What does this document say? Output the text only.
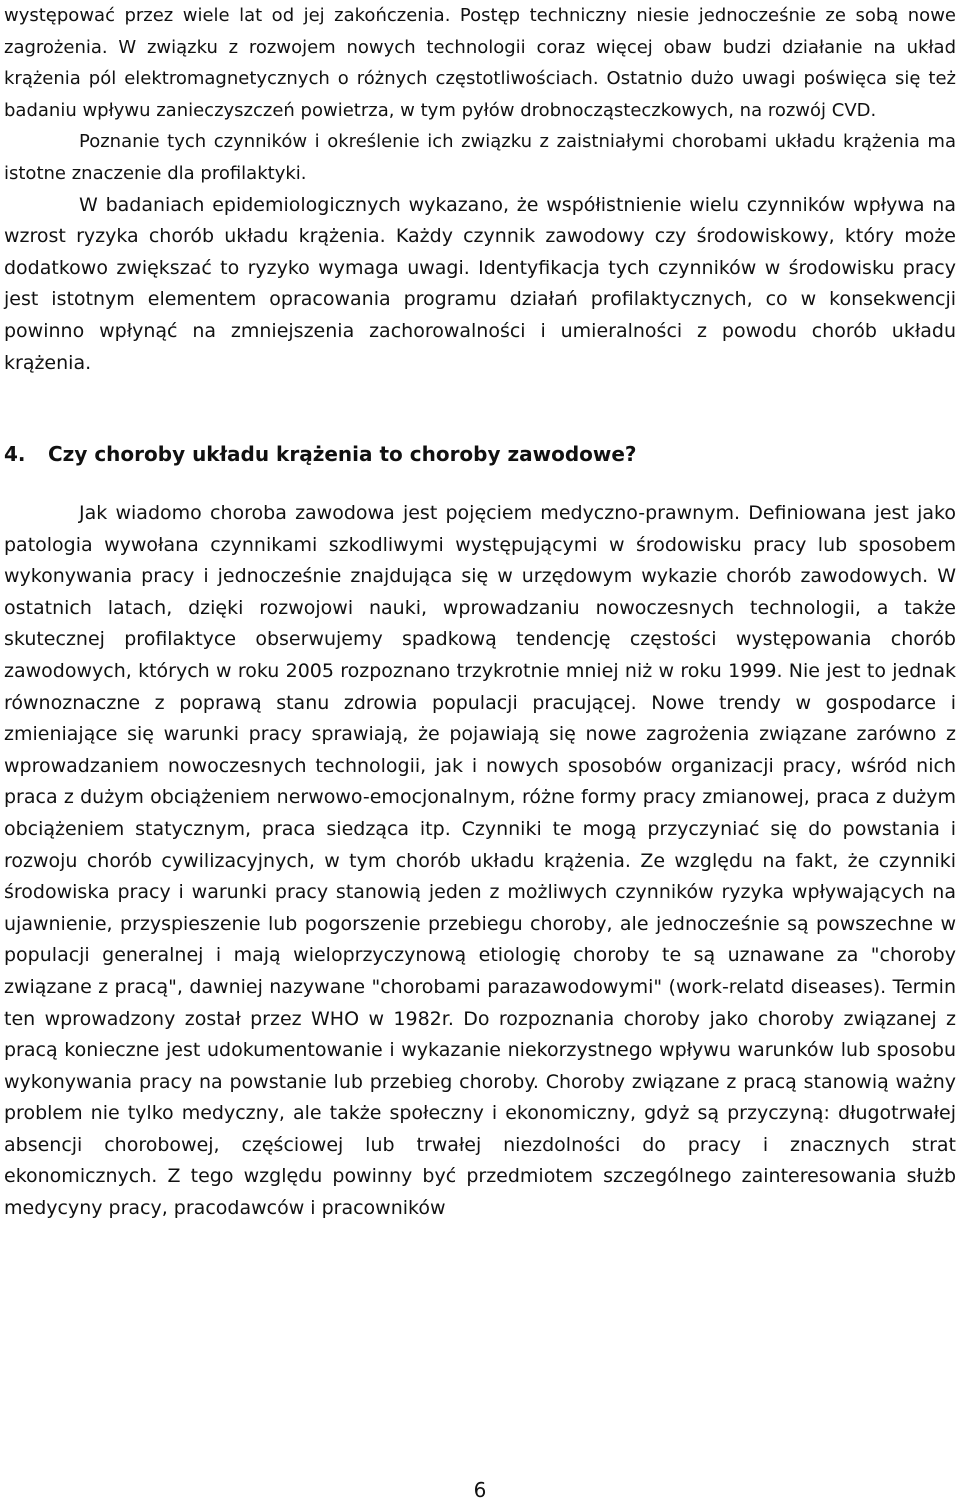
występować przez wiele lat od jej zakończenia. Postęp techniczny niesie jednocześnie ze sobą nowe zagrożenia. W związku z rozwojem nowych technologii coraz więcej obaw budzi działanie na układ krążenia pól elektromagnetycznych o różnych częstotliwościach. Ostatnio dużo uwagi poświęca się też badaniu wpływu zanieczyszczeń powietrza, w tym pyłów drobnocząsteczkowych, na rozwój CVD.

Poznanie tych czynników i określenie ich związku z zaistniałymi chorobami układu krążenia ma istotne znaczenie dla profilaktyki.

W badaniach epidemiologicznych wykazano, że współistnienie wielu czynników wpływa na wzrost ryzyka chorób układu krążenia. Każdy czynnik zawodowy czy środowiskowy, który może dodatkowo zwiększać to ryzyko wymaga uwagi. Identyfikacja tych czynników w środowisku pracy jest istotnym elementem opracowania programu działań profilaktycznych, co w konsekwencji powinno wpłynąć na zmniejszenia zachorowalności i umieralności z powodu chorób układu krążenia.

4. Czy choroby układu krążenia to choroby zawodowe?

Jak wiadomo choroba zawodowa jest pojęciem medyczno-prawnym. Definiowana jest jako patologia wywołana czynnikami szkodliwymi występującymi w środowisku pracy lub sposobem wykonywania pracy i jednocześnie znajdująca się w urzędowym wykazie chorób zawodowych. W ostatnich latach, dzięki rozwojowi nauki, wprowadzaniu nowoczesnych technologii, a także skutecznej profilaktyce obserwujemy spadkową tendencję częstości występowania chorób zawodowych, których w roku 2005 rozpoznano trzykrotnie mniej niż w roku 1999. Nie jest to jednak równoznaczne z poprawą stanu zdrowia populacji pracującej. Nowe trendy w gospodarce i zmieniające się warunki pracy sprawiają, że pojawiają się nowe zagrożenia związane zarówno z wprowadzaniem nowoczesnych technologii, jak i nowych sposobów organizacji pracy, wśród nich praca z dużym obciążeniem nerwowo-emocjonalnym, różne formy pracy zmianowej, praca z dużym obciążeniem statycznym, praca siedząca itp. Czynniki te mogą przyczyniać się do powstania i rozwoju chorób cywilizacyjnych, w tym chorób układu krążenia. Ze względu na fakt, że czynniki środowiska pracy i warunki pracy stanowią jeden z możliwych czynników ryzyka wpływających na ujawnienie, przyspieszenie lub pogorszenie przebiegu choroby, ale jednocześnie są powszechne w populacji generalnej i mają wieloprzyczynową etiologię choroby te są uznawane za "choroby związane z pracą", dawniej nazywane "chorobami parazawodowymi" (work-relatd diseases). Termin ten wprowadzony został przez WHO w 1982r. Do rozpoznania choroby jako choroby związanej z pracą konieczne jest udokumentowanie i wykazanie niekorzystnego wpływu warunków lub sposobu wykonywania pracy na powstanie lub przebieg choroby. Choroby związane z pracą stanowią ważny problem nie tylko medyczny, ale także społeczny i ekonomiczny, gdyż są przyczyną: długotrwałej absencji chorobowej, częściowej lub trwałej niezdolności do pracy i znacznych strat ekonomicznych. Z tego względu powinny być przedmiotem szczególnego zainteresowania służb medycyny pracy, pracodawców i pracowników

6
